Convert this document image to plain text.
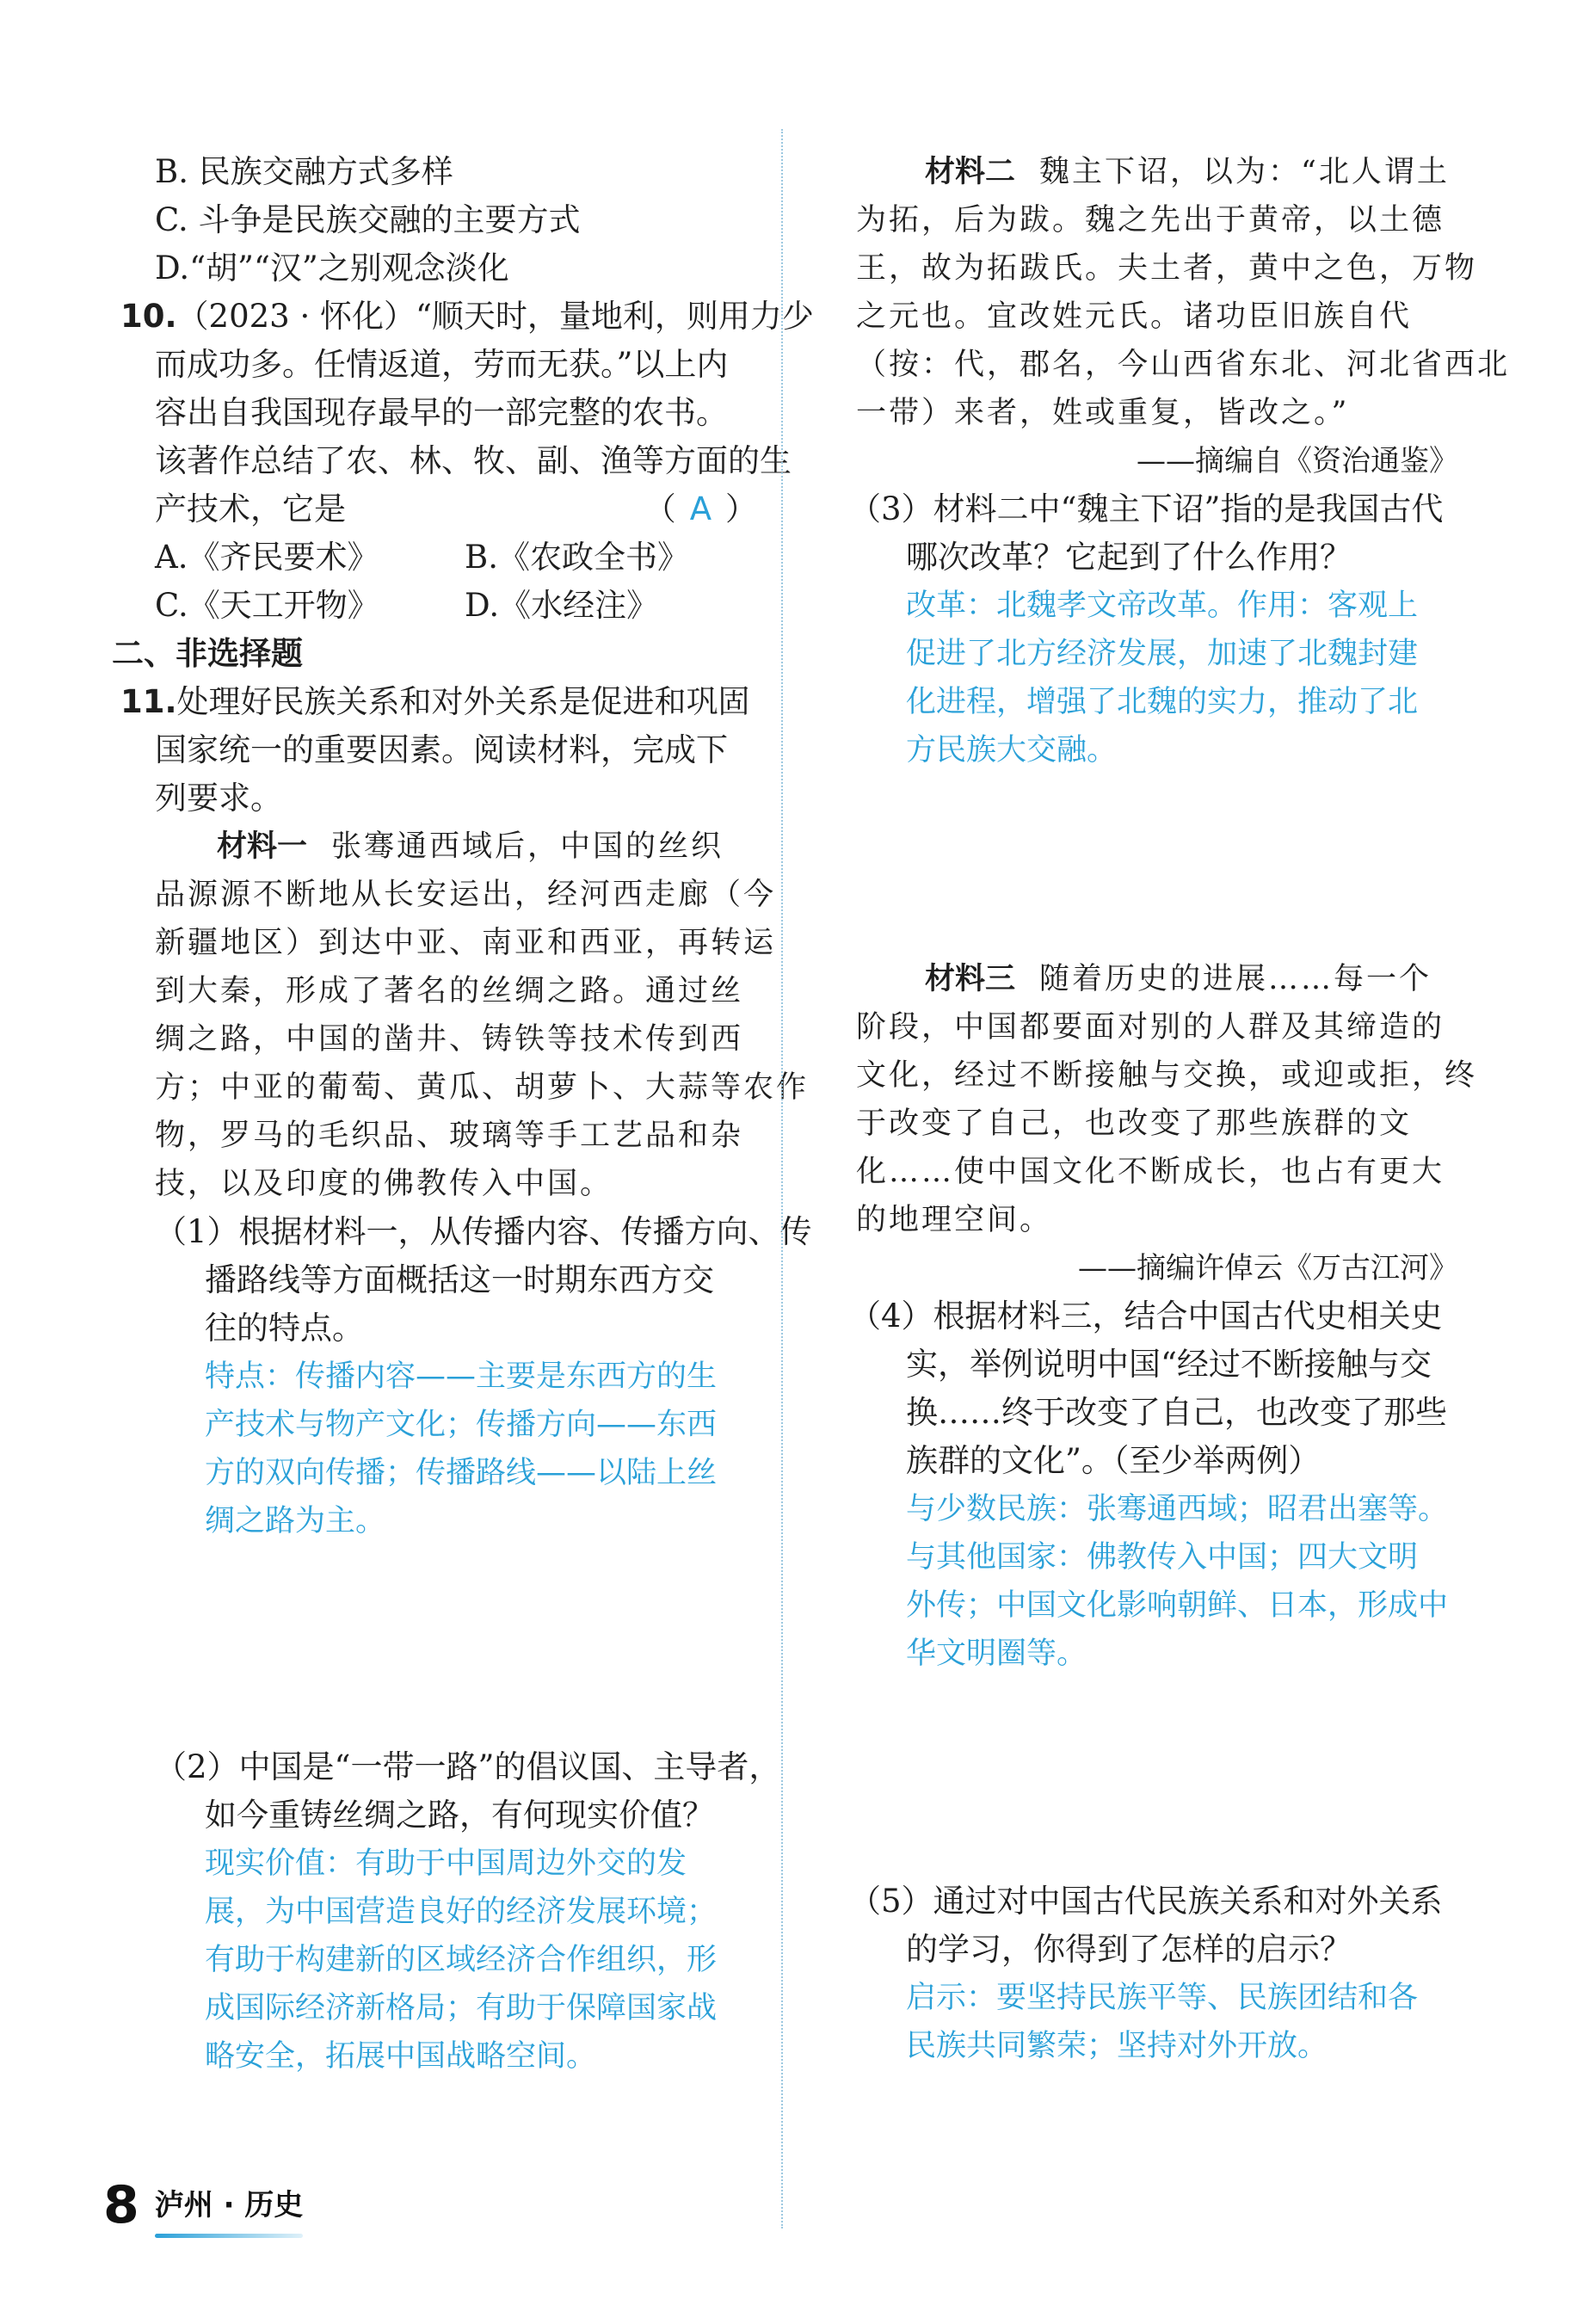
B. 民族交融方式多样
C. 斗争是民族交融的主要方式
D.“胡”“汉”之别观念淡化
10.（2023 · 怀化）“顺天时，量地利，则用力少
而成功多。任情返道，劳而无获。”以上内
容出自我国现存最早的一部完整的农书。
该著作总结了农、林、牧、副、渔等方面的生
产技术，它是	（ A ）
A.《齐民要术》	B.《农政全书》
C.《天工开物》	D.《水经注》
二、非选择题
11.处理好民族关系和对外关系是促进和巩固
国家统一的重要因素。阅读材料，完成下
列要求。
材料一 张骞通西域后，中国的丝织
品源源不断地从长安运出，经河西走廊（今
新疆地区）到达中亚、南亚和西亚，再转运
到大秦，形成了著名的丝绸之路。通过丝
绸之路，中国的凿井、铸铁等技术传到西
方；中亚的葡萄、黄瓜、胡萝卜、大蒜等农作
物，罗马的毛织品、玻璃等手工艺品和杂
技，以及印度的佛教传入中国。
（1）根据材料一，从传播内容、传播方向、传
播路线等方面概括这一时期东西方交
往的特点。
特点：传播内容——主要是东西方的生
产技术与物产文化；传播方向——东西
方的双向传播；传播路线——以陆上丝
绸之路为主。
（2）中国是“一带一路”的倡议国、主导者，
如今重铸丝绸之路，有何现实价值？
现实价值：有助于中国周边外交的发
展，为中国营造良好的经济发展环境；
有助于构建新的区域经济合作组织，形
成国际经济新格局；有助于保障国家战
略安全，拓展中国战略空间。
材料二 魏主下诏，以为：“北人谓土
为拓，后为跋。魏之先出于黄帝，以土德
王，故为拓跋氏。夫土者，黄中之色，万物
之元也。宜改姓元氏。诸功臣旧族自代
（按：代，郡名，今山西省东北、河北省西北
一带）来者，姓或重复，皆改之。”
——摘编自《资治通鉴》
（3）材料二中“魏主下诏”指的是我国古代
哪次改革？它起到了什么作用？
改革：北魏孝文帝改革。作用：客观上
促进了北方经济发展，加速了北魏封建
化进程，增强了北魏的实力，推动了北
方民族大交融。
材料三 随着历史的进展……每一个
阶段，中国都要面对别的人群及其缔造的
文化，经过不断接触与交换，或迎或拒，终
于改变了自己，也改变了那些族群的文
化……使中国文化不断成长，也占有更大
的地理空间。
——摘编许倬云《万古江河》
（4）根据材料三，结合中国古代史相关史
实，举例说明中国“经过不断接触与交
换……终于改变了自己，也改变了那些
族群的文化”。（至少举两例）
与少数民族：张骞通西域；昭君出塞等。
与其他国家：佛教传入中国；四大文明
外传；中国文化影响朝鲜、日本，形成中
华文明圈等。
（5）通过对中国古代民族关系和对外关系
的学习，你得到了怎样的启示？
启示：要坚持民族平等、民族团结和各
民族共同繁荣；坚持对外开放。
8 泸州 · 历史
